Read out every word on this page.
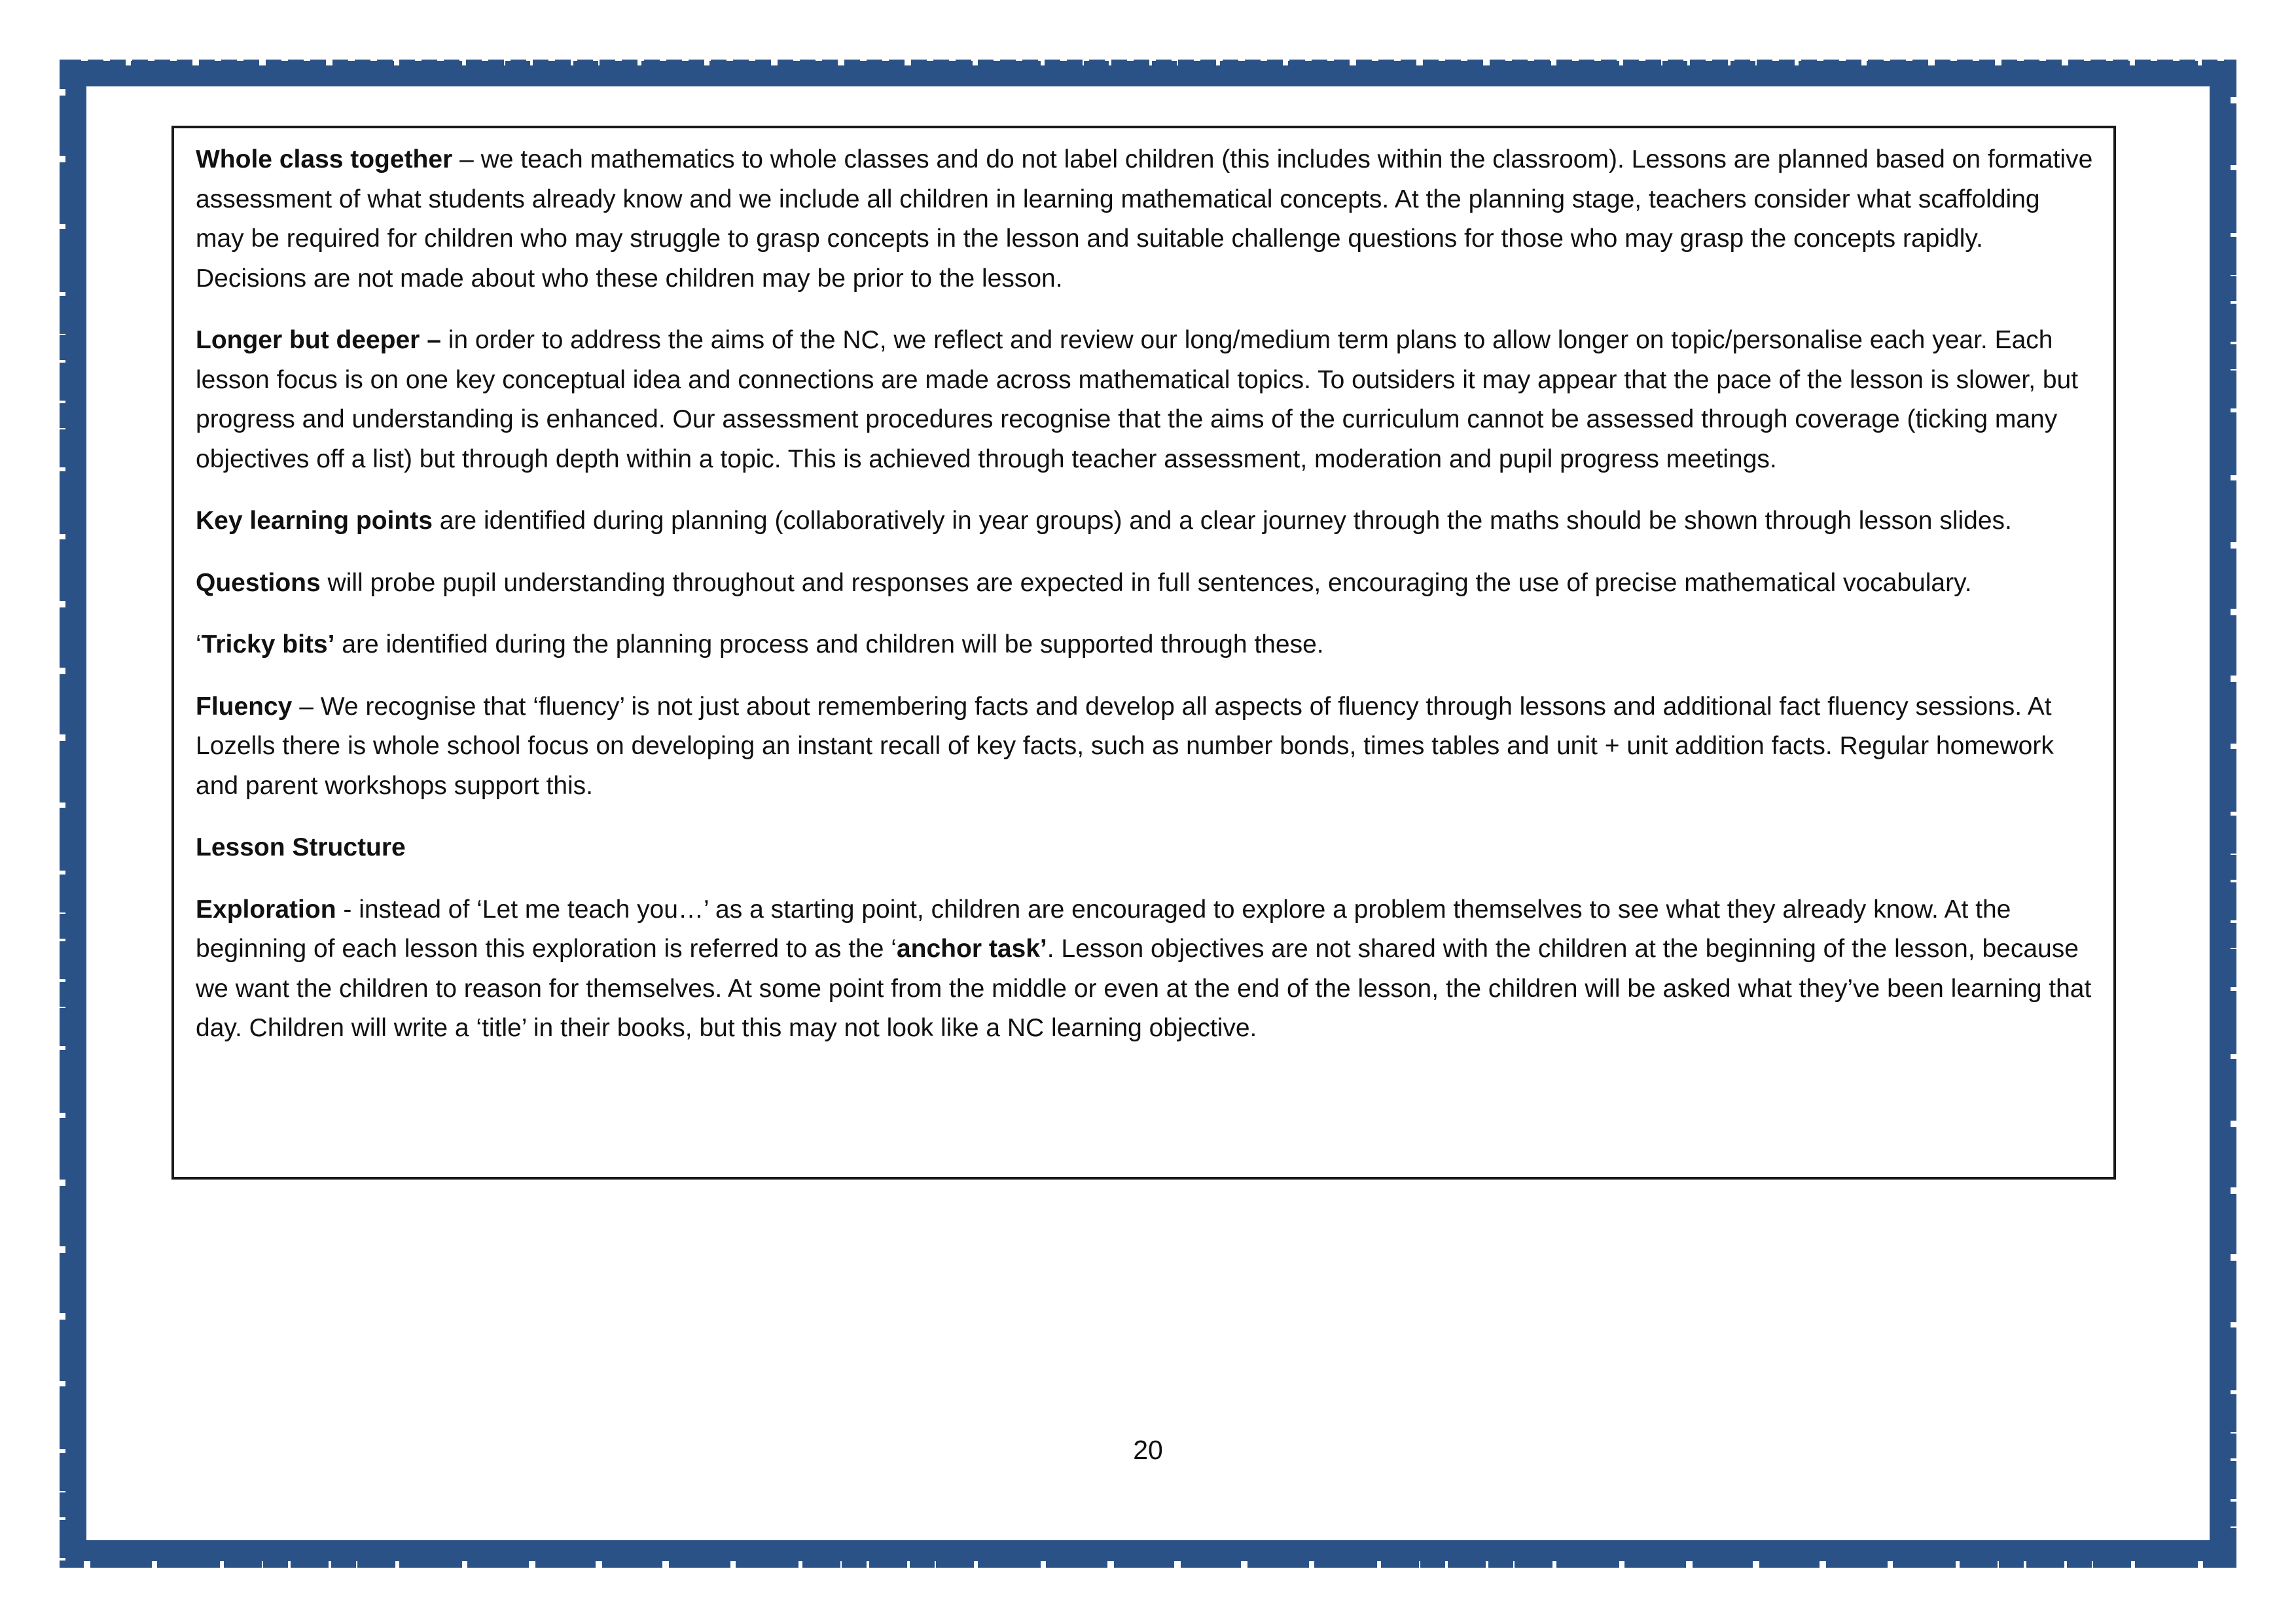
Whole class together – we teach mathematics to whole classes and do not label children (this includes within the classroom). Lessons are planned based on formative assessment of what students already know and we include all children in learning mathematical concepts. At the planning stage, teachers consider what scaffolding may be required for children who may struggle to grasp concepts in the lesson and suitable challenge questions for those who may grasp the concepts rapidly. Decisions are not made about who these children may be prior to the lesson.

Longer but deeper – in order to address the aims of the NC, we reflect and review our long/medium term plans to allow longer on topic/personalise each year. Each lesson focus is on one key conceptual idea and connections are made across mathematical topics. To outsiders it may appear that the pace of the lesson is slower, but progress and understanding is enhanced. Our assessment procedures recognise that the aims of the curriculum cannot be assessed through coverage (ticking many objectives off a list) but through depth within a topic. This is achieved through teacher assessment, moderation and pupil progress meetings.

Key learning points are identified during planning (collaboratively in year groups) and a clear journey through the maths should be shown through lesson slides.

Questions will probe pupil understanding throughout and responses are expected in full sentences, encouraging the use of precise mathematical vocabulary.

‘Tricky bits’ are identified during the planning process and children will be supported through these.

Fluency – We recognise that ‘fluency’ is not just about remembering facts and develop all aspects of fluency through lessons and additional fact fluency sessions. At Lozells there is whole school focus on developing an instant recall of key facts, such as number bonds, times tables and unit + unit addition facts. Regular homework and parent workshops support this.

Lesson Structure

Exploration - instead of ‘Let me teach you…’ as a starting point, children are encouraged to explore a problem themselves to see what they already know. At the beginning of each lesson this exploration is referred to as the ‘anchor task’. Lesson objectives are not shared with the children at the beginning of the lesson, because we want the children to reason for themselves. At some point from the middle or even at the end of the lesson, the children will be asked what they’ve been learning that day. Children will write a ‘title’ in their books, but this may not look like a NC learning objective.

20
